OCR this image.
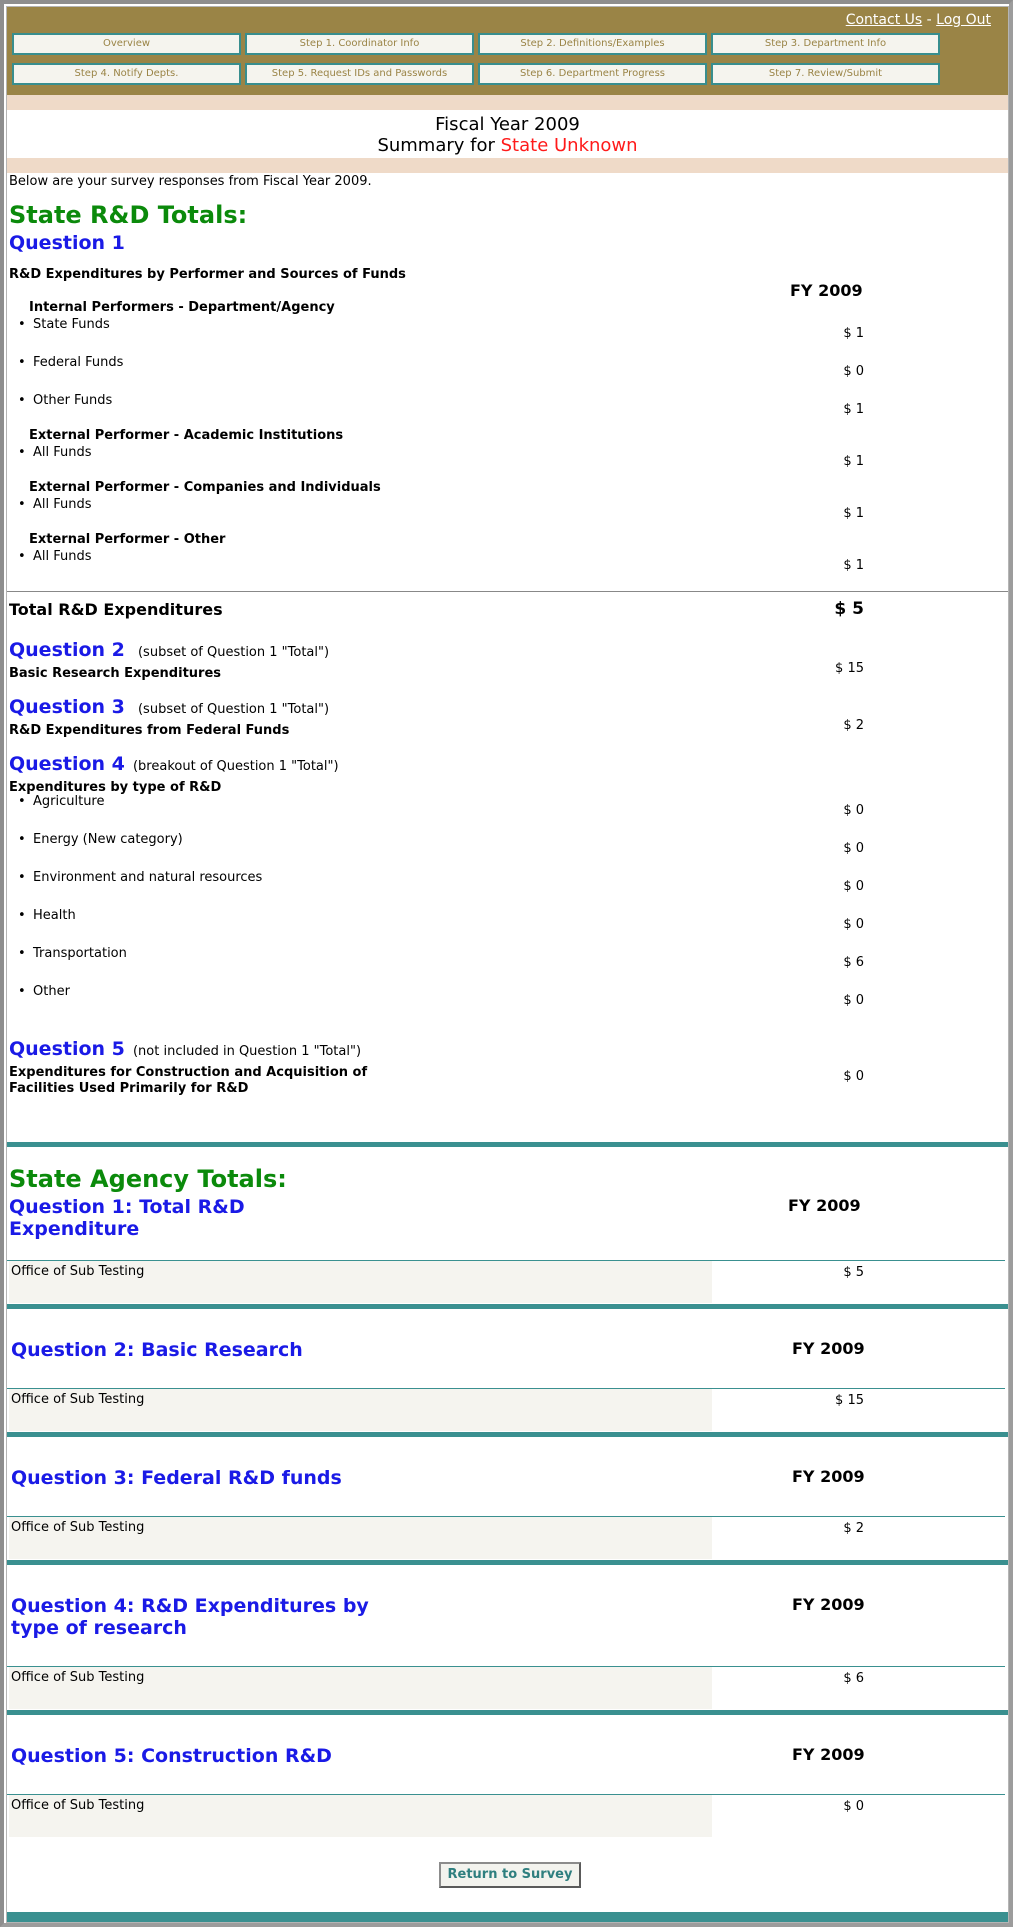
Contact Us - Log Out
Overview	Step 1. Coordinator Info	Step 2. Definitions/Examples	Step 3. Department Info
Step 4. Notify Depts.	Step 5. Request IDs and Passwords	Step 6. Department Progress	Step 7. Review/Submit
Fiscal Year 2009
Summary for State Unknown
Below are your survey responses from Fiscal Year 2009.
State R&D Totals:
Question 1
R&D Expenditures by Performer and Sources of Funds
FY 2009
Internal Performers - Department/Agency
• State Funds
$ 1
• Federal Funds
$ 0
• Other Funds
$ 1
External Performer - Academic Institutions
• All Funds
$ 1
External Performer - Companies and Individuals
• All Funds
$ 1
External Performer - Other
• All Funds
$ 1
Total R&D Expenditures	$ 5
Question 2 (subset of Question 1 "Total")
Basic Research Expenditures	$ 15
Question 3 (subset of Question 1 "Total")
R&D Expenditures from Federal Funds	$ 2
Question 4 (breakout of Question 1 "Total")
Expenditures by type of R&D
• Agriculture
$ 0
• Energy (New category)
$ 0
• Environment and natural resources
$ 0
• Health
$ 0
• Transportation
$ 6
• Other
$ 0
Question 5 (not included in Question 1 "Total")
Expenditures for Construction and Acquisition of
Facilities Used Primarily for R&D
$ 0
State Agency Totals:
Question 1: Total R&D
Expenditure
FY 2009
Office of Sub Testing	$ 5
Question 2: Basic Research	FY 2009
Office of Sub Testing	$ 15
Question 3: Federal R&D funds	FY 2009
Office of Sub Testing	$ 2
Question 4: R&D Expenditures by
type of research
FY 2009
Office of Sub Testing	$ 6
Question 5: Construction R&D	FY 2009
Office of Sub Testing	$ 0
Return to Survey
